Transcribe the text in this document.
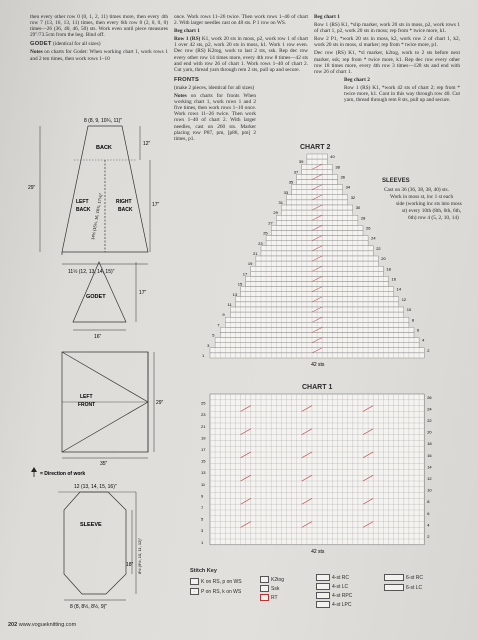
then every other row 0 (0, 1, 2, 11) times more, then every 4th row 7 (13, 16, 13, 11) times, then every 6th row 8 (2, 0, 0, 0) times—26 (36, 40, 46, 50) sts. Work even until piece measures 29"/73.5cm from the beg. Bind off.

GODET (identical for all sizes)

Notes on charts for Godet: When working chart 1, work rows 1 and 2 ten times, then work rows 1–10

once. Work rows 11–26 twice. Then work rows 1–40 of chart 2. With larger needles cast on 48 sts. P 1 row on WS.

Beg chart 1

Row 1 (RS) K1, work 20 sts in moss, p2, work row 1 of chart 1 over 42 sts, p2, work 20 sts in moss, k1. Work 1 row even. Dec row (RS) K2tog, work to last 2 sts, ssk. Rep dec row every other row 14 times more, every 4th row 8 times—42 sts and end with row 26 of chart 1. Work rows 1–40 of chart 2. Cut yarn, thread yarn through rem 2 sts, pull up and secure.

FRONTS

(make 2 pieces, identical for all sizes)

Notes on charts for fronts When working chart 1, work rows 1 and 2 five times, then work rows 1–10 once. Work rows 11–26 twice. Then work rows 1–40 of chart 2. With larger needles, cast on 260 sts. Marker placing row P87, pm, [p86, pm] 2 times, p1.

Beg chart 1

Row 1 (RS) K1, *slip marker, work 20 sts in moss, p2, work rows 1 of chart 1, p2, work 20 sts in moss; rep from * twice more, k1.

Row 2 P1, *work 20 sts in moss, k2, work row 2 of chart 1, k2, work 20 sts in moss, sl marker; rep from * twice more, p1.

Dec row (RS) K1, *sl marker, k2tog, work to 2 sts before next marker, ssk; rep from * twice more, k1. Rep dec row every other row 18 times more, every 4th row 3 times—128 sts and end with row 26 of chart 1.

Beg chart 2

Row 1 (RS) K1, *work 42 sts of chart 2; rep from * twice more, k1. Cont in this way through row 40. Cut yarn, thread through rem 8 sts, pull up and secure.

SLEEVES
Cast on 36 (36, 38, 38, 40) sts.
Work in moss st, inc 1 st each
side (working inc sts into moss
st) every 10th (8th, 6th, 6th,
6th) row 4 (5, 2, 10, 14)
8 (8, 9, 10¼, 11)"
BACK
LEFT
BACK
RIGHT
BACK
12"
17"
29"
14½ (15¼, 16, 16¾, 17½)"
11½ (12, 13, 14, 15)"
GODET
17"
16"
LEFT
FRONT	29"
35"
= Direction of work
12 (13, 14, 15, 16)"
SLEEVE
8½ (9½, 10, 11, 12)"
18"
8 (8, 8½, 8½, 9)"
CHART 2
40
39
38
37
36
35
34
33
32
31
30
29
28
27
26
25
24
23
22
21
20
19
18
17
16
15
14
13
12
11
10
9
8
7
6
5
4
3
2
1
42 sts
CHART 1
26
25
24
23
22
21
20
19
18
17
16
15
14
13
12
11
10
9
8
7
6
5
4
3
2
1
42 sts
Stitch Key
K on RS, p on WS
· P on RS, k on WS
K2tog
Ssk
RT
4-st RC
4-st LC
4-st RPC
4-st LPC
6-st RC
6-st LC
202 www.vogueknitting.com
